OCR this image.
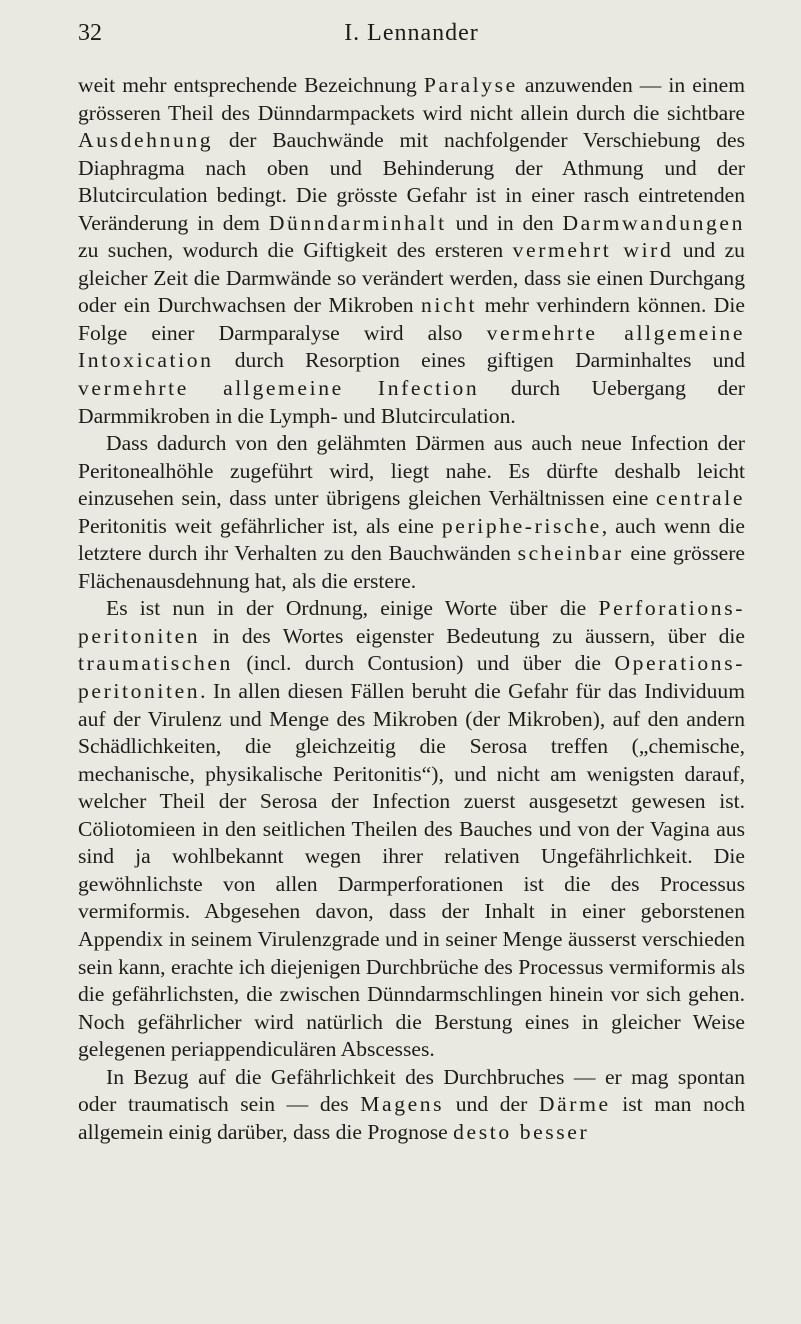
32	I. Lennander

weit mehr entsprechende Bezeichnung Paralyse anzuwenden — in einem grösseren Theil des Dünndarmpackets wird nicht allein durch die sichtbare Ausdehnung der Bauchwände mit nachfolgender Verschiebung des Diaphragma nach oben und Behinderung der Athmung und der Blutcirculation bedingt. Die grösste Gefahr ist in einer rasch eintretenden Veränderung in dem Dünndarminhalt und in den Darmwandungen zu suchen, wodurch die Giftigkeit des ersteren vermehrt wird und zu gleicher Zeit die Darmwände so verändert werden, dass sie einen Durchgang oder ein Durchwachsen der Mikroben nicht mehr verhindern können. Die Folge einer Darmparalyse wird also vermehrte allgemeine Intoxication durch Resorption eines giftigen Darminhaltes und vermehrte allgemeine Infection durch Uebergang der Darmmikroben in die Lymph- und Blutcirculation.

Dass dadurch von den gelähmten Därmen aus auch neue Infection der Peritonealhöhle zugeführt wird, liegt nahe. Es dürfte deshalb leicht einzusehen sein, dass unter übrigens gleichen Verhältnissen eine centrale Peritonitis weit gefährlicher ist, als eine periphe-rische, auch wenn die letztere durch ihr Verhalten zu den Bauchwänden scheinbar eine grössere Flächenausdehnung hat, als die erstere.

Es ist nun in der Ordnung, einige Worte über die Perforations-peritoniten in des Wortes eigenster Bedeutung zu äussern, über die traumatischen (incl. durch Contusion) und über die Operations-peritoniten. In allen diesen Fällen beruht die Gefahr für das Individuum auf der Virulenz und Menge des Mikroben (der Mikroben), auf den andern Schädlichkeiten, die gleichzeitig die Serosa treffen („chemische, mechanische, physikalische Peritonitis“), und nicht am wenigsten darauf, welcher Theil der Serosa der Infection zuerst ausgesetzt gewesen ist. Cöliotomieen in den seitlichen Theilen des Bauches und von der Vagina aus sind ja wohlbekannt wegen ihrer relativen Ungefährlichkeit. Die gewöhnlichste von allen Darmperforationen ist die des Processus vermiformis. Abgesehen davon, dass der Inhalt in einer geborstenen Appendix in seinem Virulenzgrade und in seiner Menge äusserst verschieden sein kann, erachte ich diejenigen Durchbrüche des Processus vermiformis als die gefährlichsten, die zwischen Dünndarmschlingen hinein vor sich gehen. Noch gefährlicher wird natürlich die Berstung eines in gleicher Weise gelegenen periappendiculären Abscesses.

In Bezug auf die Gefährlichkeit des Durchbruches — er mag spontan oder traumatisch sein — des Magens und der Därme ist man noch allgemein einig darüber, dass die Prognose desto besser
